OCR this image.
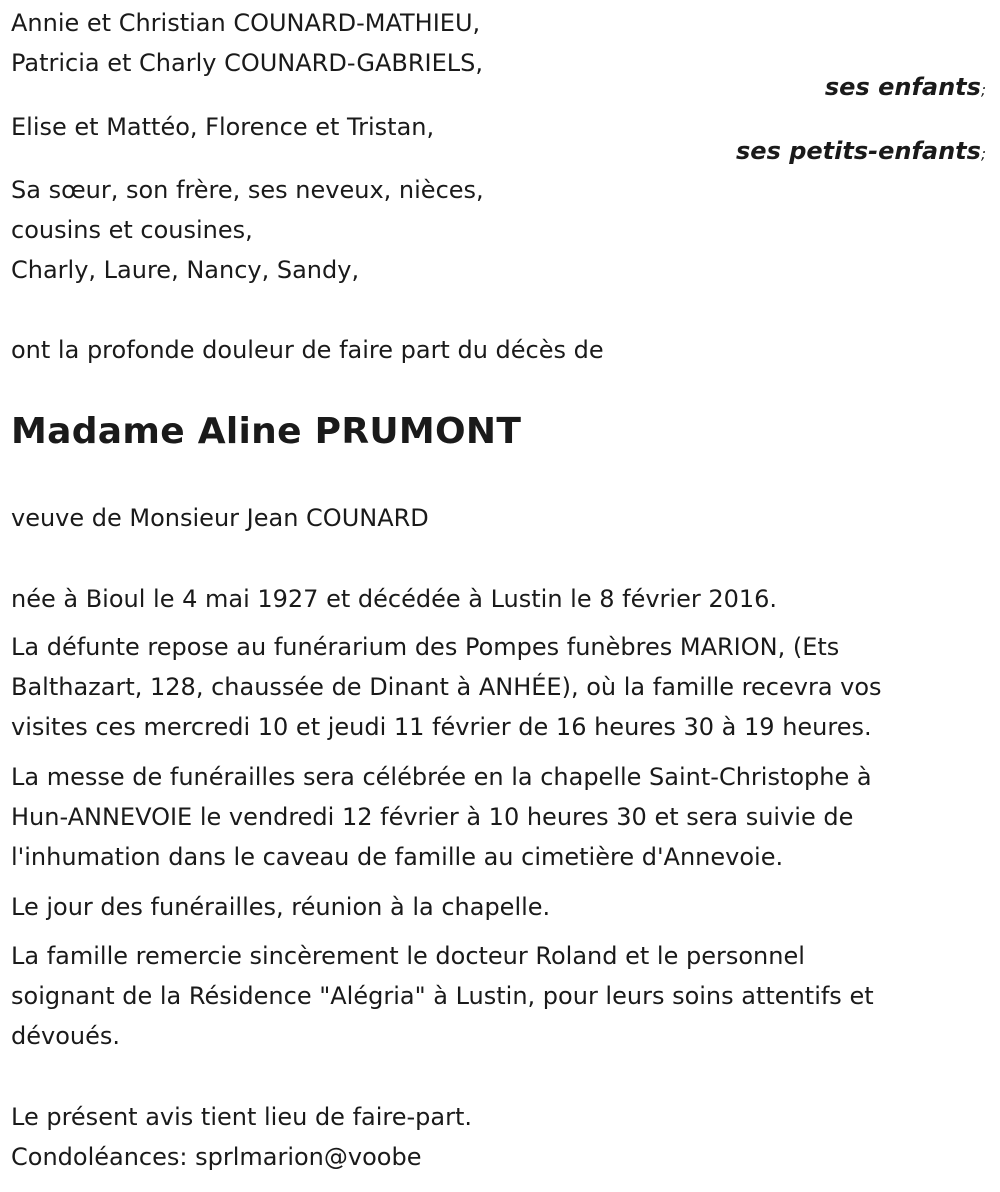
Annie et Christian COUNARD-MATHIEU,
Patricia et Charly COUNARD-GABRIELS,
ses enfants;
Elise et Mattéo, Florence et Tristan,
ses petits-enfants;
Sa sœur, son frère, ses neveux, nièces,
cousins et cousines,
Charly, Laure, Nancy, Sandy,
ont la profonde douleur de faire part du décès de
Madame Aline PRUMONT
veuve de Monsieur Jean COUNARD
née à Bioul le 4 mai 1927 et décédée à Lustin le 8 février 2016.
La défunte repose au funérarium des Pompes funèbres MARION, (Ets
Balthazart, 128, chaussée de Dinant à ANHÉE), où la famille recevra vos
visites ces mercredi 10 et jeudi 11 février de 16 heures 30 à 19 heures.
La messe de funérailles sera célébrée en la chapelle Saint-Christophe à
Hun-ANNEVOIE le vendredi 12 février à 10 heures 30 et sera suivie de
l'inhumation dans le caveau de famille au cimetière d'Annevoie.
Le jour des funérailles, réunion à la chapelle.
La famille remercie sincèrement le docteur Roland et le personnel
soignant de la Résidence "Alégria" à Lustin, pour leurs soins attentifs et
dévoués.
Le présent avis tient lieu de faire-part.
Condoléances: sprlmarion@voobe
